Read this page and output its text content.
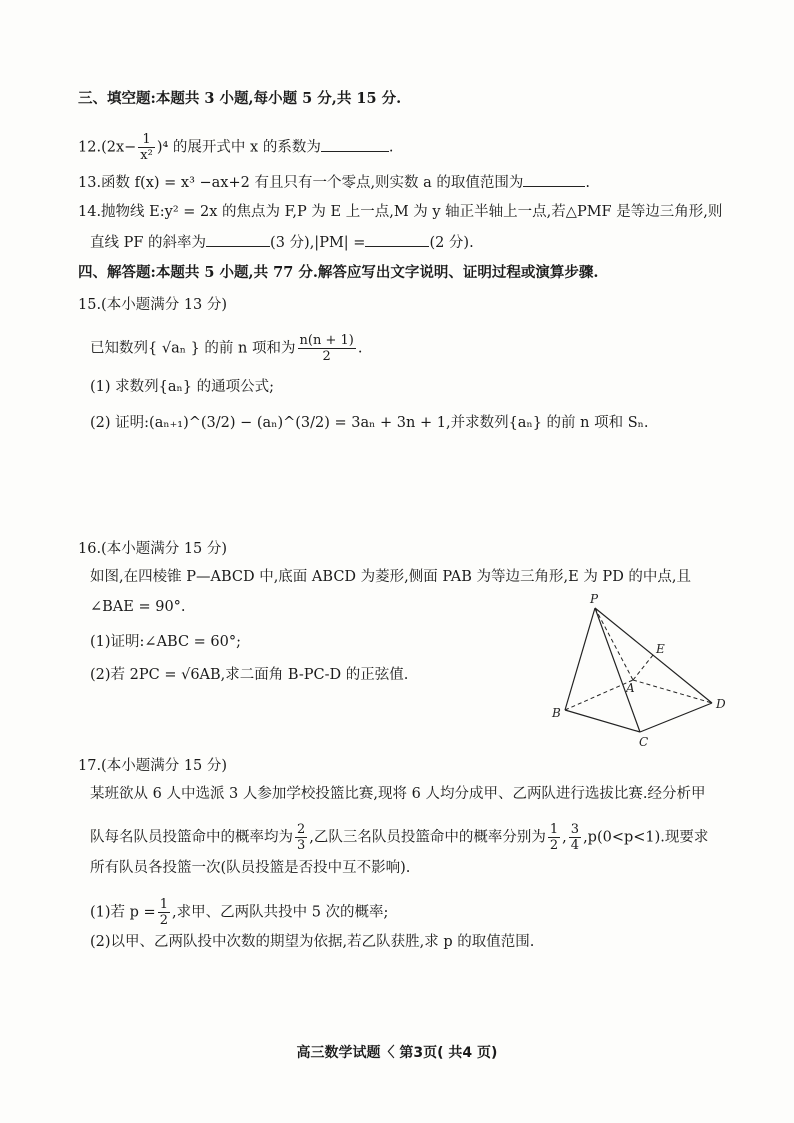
三、填空题:本题共 3 小题,每小题 5 分,共 15 分.
$12.(2x- \frac{1}{\text{x²}} )^4$ 的展开式中 x 的系数为	.
13.函数 f(x) = x³ −ax+2 有且只有一个零点,则实数 a 的取值范围为	.
14.抛物线 E:y² = 2x 的焦点为 F,P 为 E 上一点,M 为 y 轴正半轴上一点,若△PMF 是等边三角形,则
直线 PF 的斜率为	(3 分),|PM| =	(2 分).
四、解答题:本题共 5 小题,共 77 分.解答应写出文字说明、证明过程或演算步骤.
15.(本小题满分 13 分)
已知数列{ √aₙ } 的前 n 项和为 $\frac{n(n + 1)}{2}$ .
(1) 求数列{aₙ} 的通项公式;
(2) 证明:(aₙ₊₁)^(3/2) − (aₙ)^(3/2) = 3aₙ + 3n + 1,并求数列{aₙ} 的前 n 项和 Sₙ.
16.(本小题满分 15 分)
如图,在四棱锥 P—ABCD 中,底面 ABCD 为菱形,侧面 PAB 为等边三角形,E 为 PD 的中点,且
∠BAE = 90°.
(1)证明:∠ABC = 60°;
(2)若 2PC = √6AB,求二面角 B-PC-D 的正弦值.
P
E
A
B
C
D
17.(本小题满分 15 分)
某班欲从 6 人中选派 3 人参加学校投篮比赛,现将 6 人均分成甲、乙两队进行选拔比赛.经分析甲
队每名队员投篮命中的概率均为 $\frac{2}{3}$ ,乙队三名队员投篮命中的概率分别为 $\frac{1}{2}$ , $\frac{3}{4} ,p(0<p<1)$.现要求
所有队员各投篮一次(队员投篮是否投中互不影响).
(1)若 $p = \frac{1}{2}$ ,求甲、乙两队共投中 5 次的概率;
(2)以甲、乙两队投中次数的期望为依据,若乙队获胜,求 p 的取值范围.
高三数学试题〈 第3页( 共4 页)
